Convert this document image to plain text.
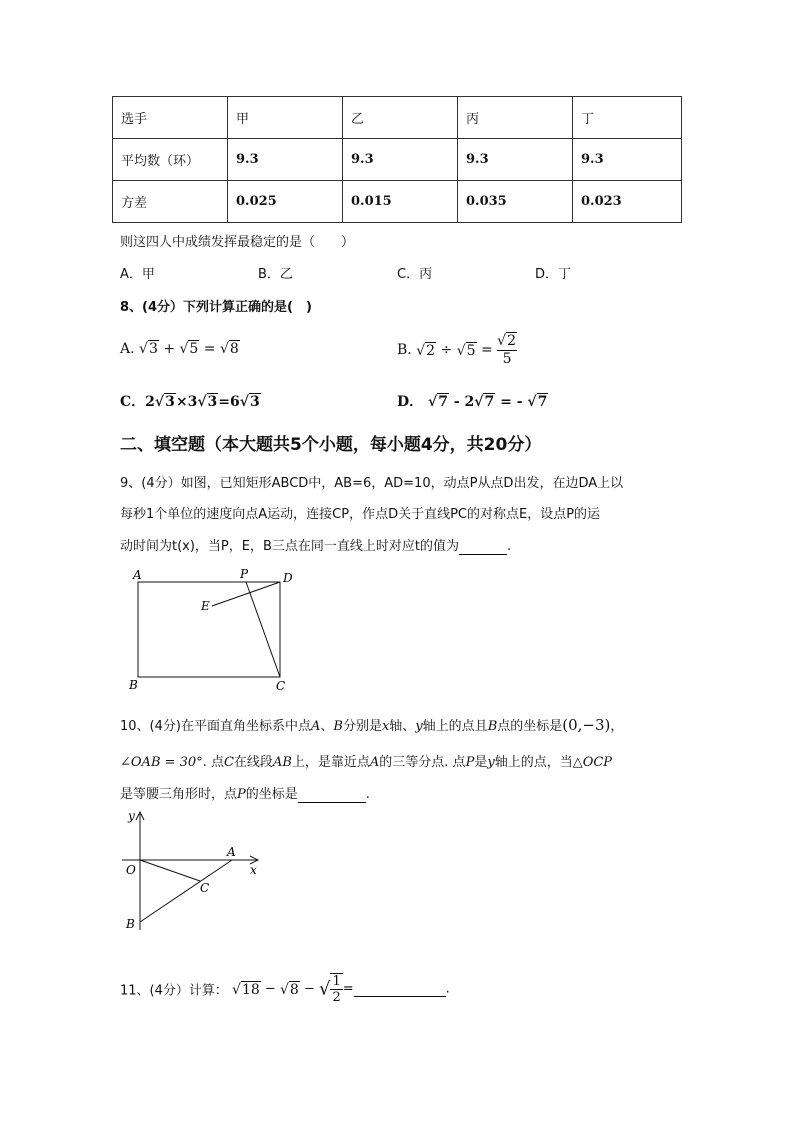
选手	甲	乙	丙	丁
平均数（环）	9.3	9.3	9.3	9.3
方差	0.025	0.015	0.035	0.023
则这四人中成绩发挥最稳定的是（　　）
A．甲	B．乙	C．丙	D．丁
8、(4分）下列计算正确的是(　)
A. √3 + √5 = √8	B. $√2 \div √5 = \frac{√2}{5}$
C．2√3×3√3=6√3	D． √7 - 2√7 = - √7
二、填空题（本大题共5个小题，每小题4分，共20分）
9、(4分）如图，已知矩形ABCD中，AB=6，AD=10，动点P从点D出发，在边DA上以
每秒1个单位的速度向点A运动，连接CP，作点D关于直线PC的对称点E，设点P的运
动时间为t(x)，当P，E，B三点在同一直线上时对应t的值为	.
A	P	D
E
B	C
10、(4分)在平面直角坐标系中点A、B分别是x轴、y轴上的点且B点的坐标是(0,−3)，
∠OAB = 30°. 点C在线段AB上，是靠近点A的三等分点. 点P是y轴上的点，当△OCP
是等腰三角形时，点P的坐标是	.
y
x
O
A
C
B
11、(4分）计算： √18 − √8 − √ $\frac{1}{2}$ =	.
